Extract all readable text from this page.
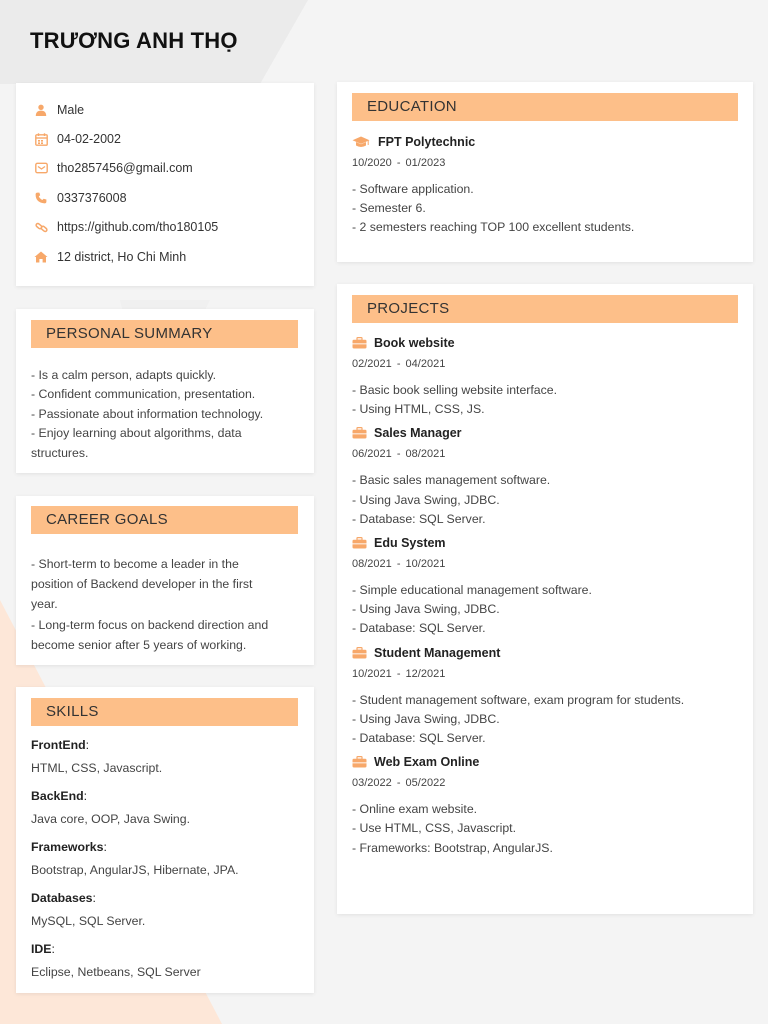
TRƯƠNG ANH THỌ
Male
04-02-2002
tho2857456@gmail.com
0337376008
https://github.com/tho180105
12 district, Ho Chi Minh
PERSONAL SUMMARY
- Is a calm person, adapts quickly.
- Confident communication, presentation.
- Passionate about information technology.
- Enjoy learning about algorithms, data
structures.
CAREER GOALS
- Short-term to become a leader in the
position of Backend developer in the first
year.
- Long-term focus on backend direction and
become senior after 5 years of working.
SKILLS
FrontEnd:
HTML, CSS, Javascript.
BackEnd:
Java core, OOP, Java Swing.
Frameworks:
Bootstrap, AngularJS, Hibernate, JPA.
Databases:
MySQL, SQL Server.
IDE:
Eclipse, Netbeans, SQL Server
EDUCATION
FPT Polytechnic
10/2020 - 01/2023
- Software application.
- Semester 6.
- 2 semesters reaching TOP 100 excellent students.
PROJECTS
Book website
02/2021 - 04/2021
- Basic book selling website interface.
- Using HTML, CSS, JS.
Sales Manager
06/2021 - 08/2021
- Basic sales management software.
- Using Java Swing, JDBC.
- Database: SQL Server.
Edu System
08/2021 - 10/2021
- Simple educational management software.
- Using Java Swing, JDBC.
- Database: SQL Server.
Student Management
10/2021 - 12/2021
- Student management software, exam program for students.
- Using Java Swing, JDBC.
- Database: SQL Server.
Web Exam Online
03/2022 - 05/2022
- Online exam website.
- Use HTML, CSS, Javascript.
- Frameworks: Bootstrap, AngularJS.
